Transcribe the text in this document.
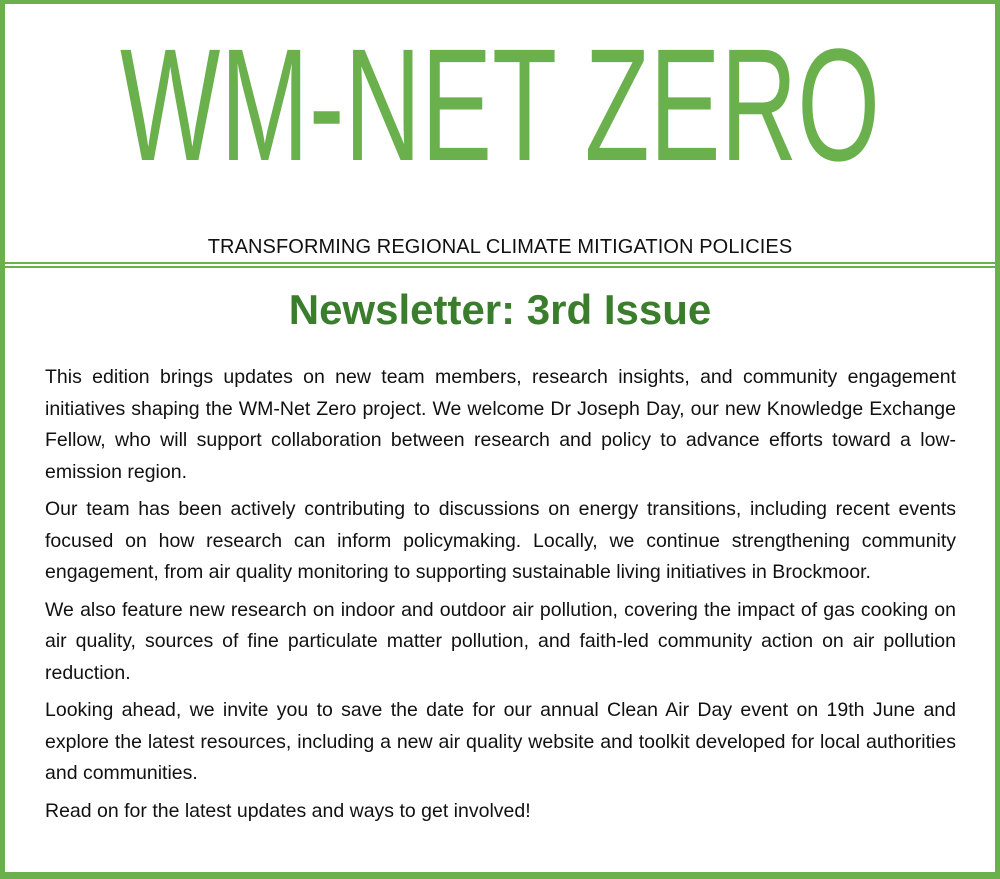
WM-NET ZERO
TRANSFORMING REGIONAL CLIMATE MITIGATION POLICIES
Newsletter: 3rd Issue

This edition brings updates on new team members, research insights, and community engagement initiatives shaping the WM-Net Zero project. We welcome Dr Joseph Day, our new Knowledge Exchange Fellow, who will support collaboration between research and policy to advance efforts toward a low-emission region.

Our team has been actively contributing to discussions on energy transitions, including recent events focused on how research can inform policymaking. Locally, we continue strengthening community engagement, from air quality monitoring to supporting sustainable living initiatives in Brockmoor.

We also feature new research on indoor and outdoor air pollution, covering the impact of gas cooking on air quality, sources of fine particulate matter pollution, and faith-led community action on air pollution reduction.

Looking ahead, we invite you to save the date for our annual Clean Air Day event on 19th June and explore the latest resources, including a new air quality website and toolkit developed for local authorities and communities.

Read on for the latest updates and ways to get involved!
